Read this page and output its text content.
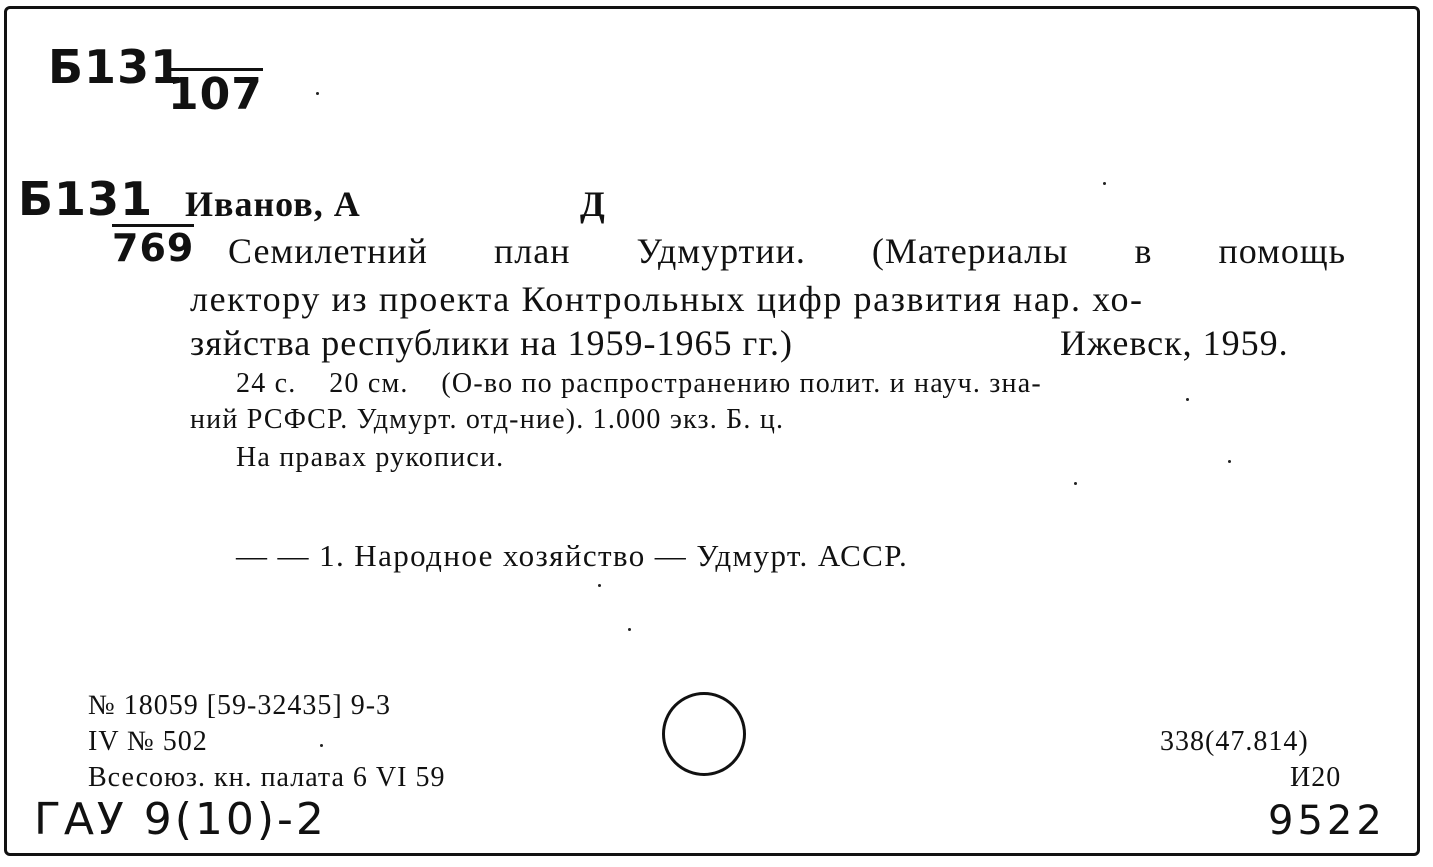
Б131
107
Б131
769
Иванов, А	Д
Семилетний план Удмуртии. (Материалы в помощь
лектору из проекта Контрольных цифр развития нар. хо-
зяйства республики на 1959-1965 гг.)	Ижевск, 1959.
24 с.    20 см.    (О-во по распространению полит. и науч. зна-
ний РСФСР. Удмурт. отд-ние). 1.000 экз. Б. ц.
На правах рукописи.
— — 1. Народное хозяйство — Удмурт. АССР.
№ 18059 [59-32435] 9-3
IV № 502
Всесоюз. кн. палата 6 VI 59
338(47.814)
И20
ГАУ 9(10)-2	9522
